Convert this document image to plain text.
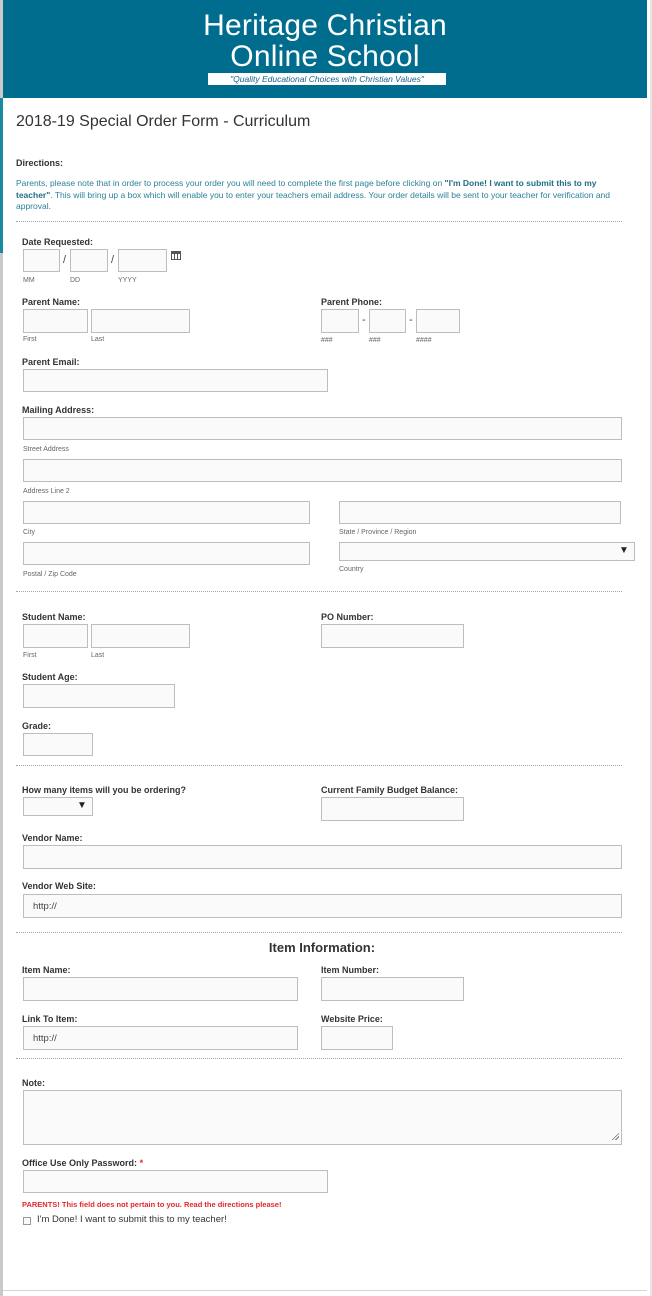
Heritage Christian
Online School
"Quality Educational Choices with Christian Values"
2018-19 Special Order Form - Curriculum
Directions:
Parents, please note that in order to process your order you will need to complete the first page before clicking on "I'm Done! I want to submit this to my teacher". This will bring up a box which will enable you to enter your teachers email address. Your order details will be sent to your teacher for verification and approval.
Date Requested:
/	/
MM	DD	YYYY
Parent Name:
First	Last
Parent Phone:
-	-
###	###	####
Parent Email:
Mailing Address:
Street Address
Address Line 2
City	State / Province / Region
Postal / Zip Code
▼
Country
Student Name:
First	Last
PO Number:
Student Age:
Grade:
How many items will you be ordering?
▼
Current Family Budget Balance:
Vendor Name:
Vendor Web Site:
http://
Item Information:
Item Name:	Item Number:
Link To Item:
http://
Website Price:
Note:
Office Use Only Password: *
PARENTS! This field does not pertain to you. Read the directions please!
I'm Done! I want to submit this to my teacher!
